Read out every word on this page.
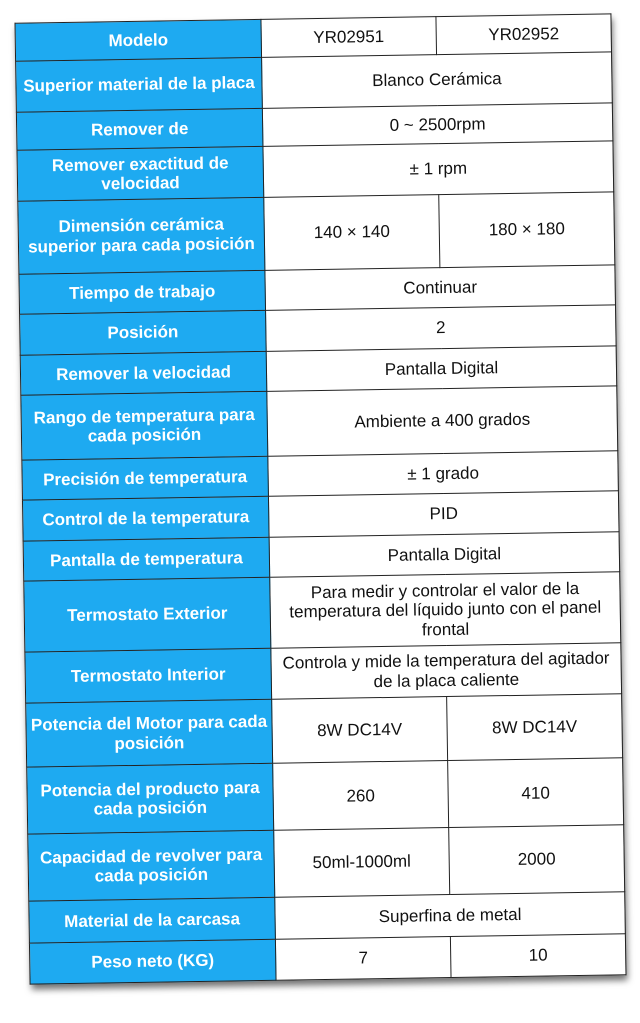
Modelo	YR02951	YR02952
Superior material de la placa	Blanco Cerámica	
Remover de	0 ~ 2500rpm	
Remover exactitud de velocidad	± 1 rpm	
Dimensión cerámica superior para cada posición	140 × 140	180 × 180
Tiempo de trabajo	Continuar	
Posición	2	
Remover la velocidad	Pantalla Digital	
Rango de temperatura para cada posición	Ambiente a 400 grados	
Precisión de temperatura	± 1 grado	
Control de la temperatura	PID	
Pantalla de temperatura	Pantalla Digital	
Termostato Exterior	Para medir y controlar el valor de la temperatura del líquido junto con el panel frontal	
Termostato Interior	Controla y mide la temperatura del agitador de la placa caliente	
Potencia del Motor para cada posición	8W DC14V	8W DC14V
Potencia del producto para cada posición	260	410
Capacidad de revolver para cada posición	50ml-1000ml	2000
Material de la carcasa	Superfina de metal	
Peso neto (KG)	7	10
